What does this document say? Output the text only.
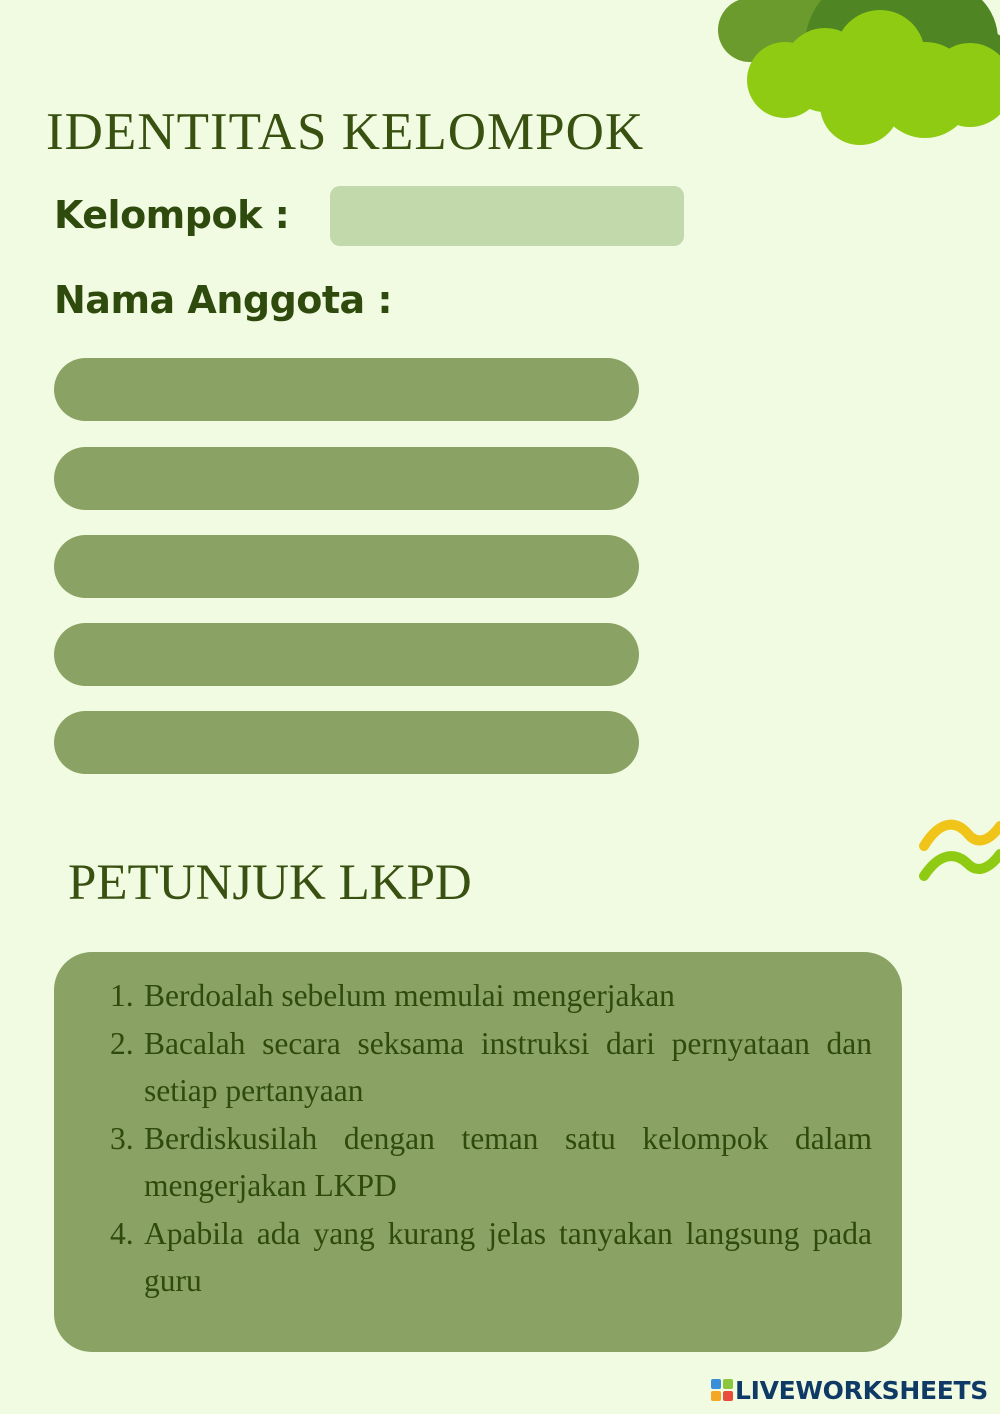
IDENTITAS KELOMPOK
Kelompok :
Nama Anggota :
PETUNJUK LKPD
1. Berdoalah sebelum memulai mengerjakan
2. Bacalah secara seksama instruksi dari pernyataan dan setiap pertanyaan
3. Berdiskusilah dengan teman satu kelompok dalam mengerjakan LKPD
4. Apabila ada yang kurang jelas tanyakan langsung pada guru
LIVEWORKSHEETS
